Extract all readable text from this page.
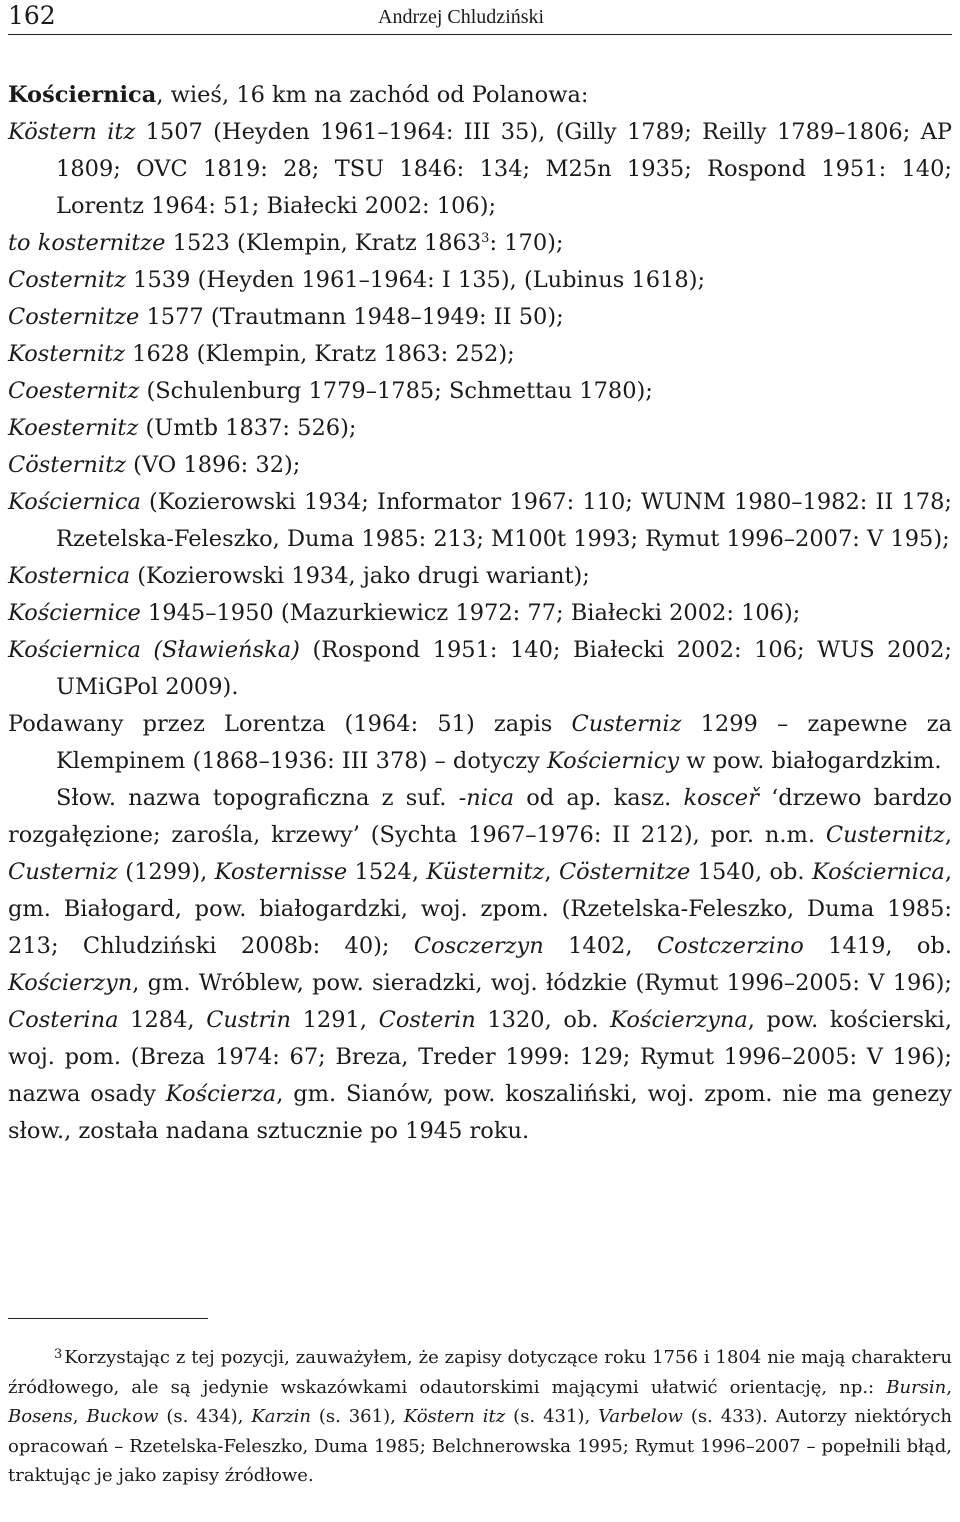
162	Andrzej Chludziński

Kościernica, wieś, 16 km na zachód od Polanowa:

Köstern itz 1507 (Heyden 1961–1964: III 35), (Gilly 1789; Reilly 1789–1806; AP 1809; OVC 1819: 28; TSU 1846: 134; M25n 1935; Rospond 1951: 140; Lorentz 1964: 51; Białecki 2002: 106);

to kosternitze 1523 (Klempin, Kratz 1863$^3$: 170);

Costernitz 1539 (Heyden 1961–1964: I 135), (Lubinus 1618);

Costernitze 1577 (Trautmann 1948–1949: II 50);

Kosternitz 1628 (Klempin, Kratz 1863: 252);

Coesternitz (Schulenburg 1779–1785; Schmettau 1780);

Koesternitz (Umtb 1837: 526);

Cösternitz (VO 1896: 32);

Kościernica (Kozierowski 1934; Informator 1967: 110; WUNM 1980–1982: II 178; Rzetelska-Feleszko, Duma 1985: 213; M100t 1993; Rymut 1996–2007: V 195);

Kosternica (Kozierowski 1934, jako drugi wariant);

Kościernice 1945–1950 (Mazurkiewicz 1972: 77; Białecki 2002: 106);

Kościernica (Sławieńska) (Rospond 1951: 140; Białecki 2002: 106; WUS 2002; UMiGPol 2009).

Podawany przez Lorentza (1964: 51) zapis Custerniz 1299 – zapewne za Klempinem (1868–1936: III 378) – dotyczy Kościernicy w pow. białogardzkim.

Słow. nazwa topograficzna z suf. -nica od ap. kasz. kosceř ‘drzewo bardzo rozgałęzione; zarośla, krzewy’ (Sychta 1967–1976: II 212), por. n.m. Custernitz, Custerniz (1299), Kosternisse 1524, Küsternitz, Cösternitze 1540, ob. Kościernica, gm. Białogard, pow. białogardzki, woj. zpom. (Rzetelska-Feleszko, Duma 1985: 213; Chludziński 2008b: 40); Cosczerzyn 1402, Costczerzino 1419, ob. Kościerzyn, gm. Wróblew, pow. sieradzki, woj. łódzkie (Rymut 1996–2005: V 196); Costerina 1284, Custrin 1291, Costerin 1320, ob. Kościerzyna, pow. kościerski, woj. pom. (Breza 1974: 67; Breza, Treder 1999: 129; Rymut 1996–2005: V 196); nazwa osady Kościerza, gm. Sianów, pow. koszaliński, woj. zpom. nie ma genezy słow., została nadana sztucznie po 1945 roku.

$^3$ Korzystając z tej pozycji, zauważyłem, że zapisy dotyczące roku 1756 i 1804 nie mają charakteru źródłowego, ale są jedynie wskazówkami odautorskimi mającymi ułatwić orientację, np.: Bursin, Bosens, Buckow (s. 434), Karzin (s. 361), Köstern itz (s. 431), Varbelow (s. 433). Autorzy niektórych opracowań – Rzetelska-Feleszko, Duma 1985; Belchnerowska 1995; Rymut 1996–2007 – popełnili błąd, traktując je jako zapisy źródłowe.
